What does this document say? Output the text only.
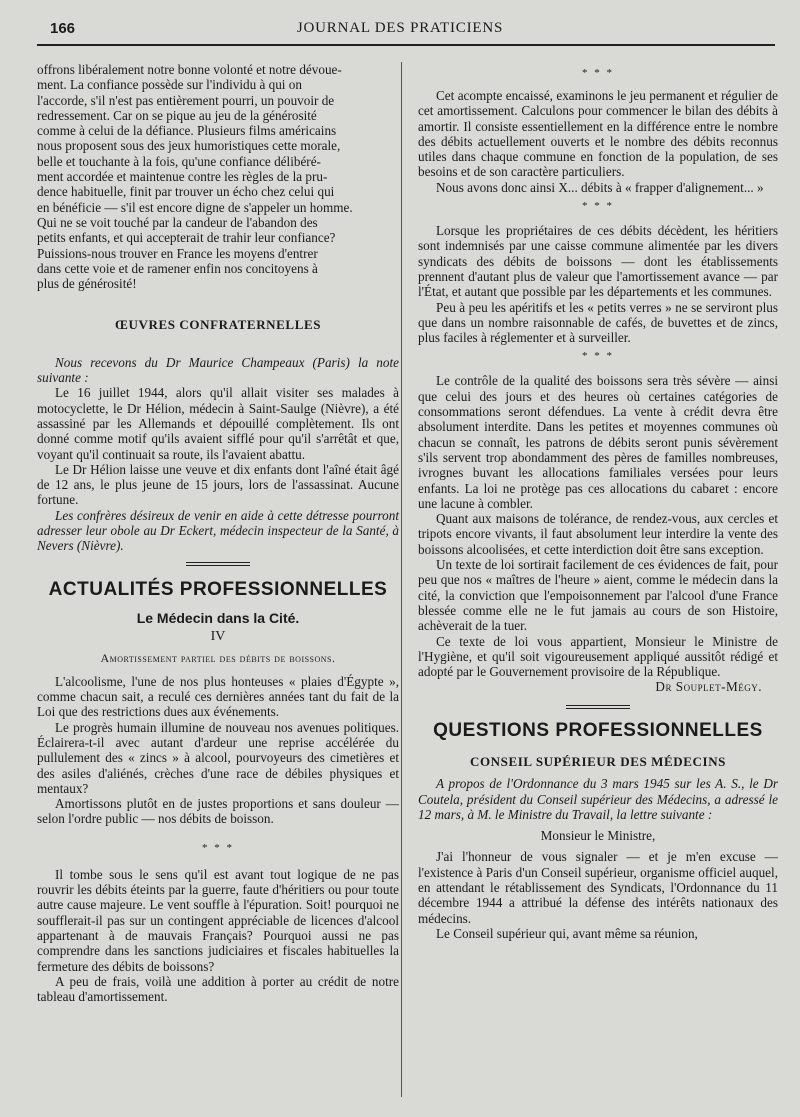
166	JOURNAL DES PRATICIENS
offrons libéralement notre bonne volonté et notre dévoue-
ment. La confiance possède sur l'individu à qui on
l'accorde, s'il n'est pas entièrement pourri, un pouvoir de
redressement. Car on se pique au jeu de la générosité
comme à celui de la défiance. Plusieurs films américains
nous proposent sous des jeux humoristiques cette morale,
belle et touchante à la fois, qu'une confiance délibéré-
ment accordée et maintenue contre les règles de la pru-
dence habituelle, finit par trouver un écho chez celui qui
en bénéficie — s'il est encore digne de s'appeler un homme.
Qui ne se voit touché par la candeur de l'abandon des
petits enfants, et qui accepterait de trahir leur confiance?
Puissions-nous trouver en France les moyens d'entrer
dans cette voie et de ramener enfin nos concitoyens à
plus de générosité!
ŒUVRES CONFRATERNELLES

Nous recevons du Dr Maurice Champeaux (Paris) la note suivante :

Le 16 juillet 1944, alors qu'il allait visiter ses malades à motocyclette, le Dr Hélion, médecin à Saint-Saulge (Nièvre), a été assassiné par les Allemands et dépouillé complètement. Ils ont donné comme motif qu'ils avaient sifflé pour qu'il s'arrêtât et que, voyant qu'il continuait sa route, ils l'avaient abattu.

Le Dr Hélion laisse une veuve et dix enfants dont l'aîné était âgé de 12 ans, le plus jeune de 15 jours, lors de l'assassinat. Aucune fortune.

Les confrères désireux de venir en aide à cette détresse pourront adresser leur obole au Dr Eckert, médecin inspecteur de la Santé, à Nevers (Nièvre).

ACTUALITÉS PROFESSIONNELLES
Le Médecin dans la Cité.
IV
Amortissement partiel des débits de boissons.

L'alcoolisme, l'une de nos plus honteuses « plaies d'Égypte », comme chacun sait, a reculé ces dernières années tant du fait de la Loi que des restrictions dues aux événements.

Le progrès humain illumine de nouveau nos avenues politiques. Éclairera-t-il avec autant d'ardeur une reprise accélérée du pullulement des « zincs » à alcool, pourvoyeurs des cimetières et des asiles d'aliénés, crèches d'une race de débiles physiques et mentaux?

Amortissons plutôt en de justes proportions et sans douleur — selon l'ordre public — nos débits de boisson.

* * *

Il tombe sous le sens qu'il est avant tout logique de ne pas rouvrir les débits éteints par la guerre, faute d'héritiers ou pour toute autre cause majeure. Le vent souffle à l'épuration. Soit! pourquoi ne soufflerait-il pas sur un contingent appréciable de licences d'alcool appartenant à de mauvais Français? Pourquoi aussi ne pas comprendre dans les sanctions judiciaires et fiscales habituelles la fermeture des débits de boissons?

A peu de frais, voilà une addition à porter au crédit de notre tableau d'amortissement.

* * *

Cet acompte encaissé, examinons le jeu permanent et régulier de cet amortissement. Calculons pour commencer le bilan des débits à amortir. Il consiste essentiellement en la différence entre le nombre des débits actuellement ouverts et le nombre des débits reconnus utiles dans chaque commune en fonction de la population, de ses besoins et de son caractère particuliers.

Nous avons donc ainsi X... débits à « frapper d'alignement... »

* * *

Lorsque les propriétaires de ces débits décèdent, les héritiers sont indemnisés par une caisse commune alimentée par les divers syndicats des débits de boissons — dont les établissements prennent d'autant plus de valeur que l'amortissement avance — par l'État, et autant que possible par les départements et les communes.

Peu à peu les apéritifs et les « petits verres » ne se serviront plus que dans un nombre raisonnable de cafés, de buvettes et de zincs, plus faciles à réglementer et à surveiller.

* * *

Le contrôle de la qualité des boissons sera très sévère — ainsi que celui des jours et des heures où certaines catégories de consommations seront défendues. La vente à crédit devra être absolument interdite. Dans les petites et moyennes communes où chacun se connaît, les patrons de débits seront punis sévèrement s'ils servent trop abondamment des pères de familles nombreuses, ivrognes buvant les allocations familiales versées pour leurs enfants. La loi ne protège pas ces allocations du cabaret : encore une lacune à combler.

Quant aux maisons de tolérance, de rendez-vous, aux cercles et tripots encore vivants, il faut absolument leur interdire la vente des boissons alcoolisées, et cette interdiction doit être sans exception.

Un texte de loi sortirait facilement de ces évidences de fait, pour peu que nos « maîtres de l'heure » aient, comme le médecin dans la cité, la conviction que l'empoisonnement par l'alcool d'une France blessée comme elle ne le fut jamais au cours de son Histoire, achèverait de la tuer.

Ce texte de loi vous appartient, Monsieur le Ministre de l'Hygiène, et qu'il soit vigoureusement appliqué aussitôt rédigé et adopté par le Gouvernement provisoire de la République.

Dr Souplet-Mégy.

QUESTIONS PROFESSIONNELLES
CONSEIL SUPÉRIEUR DES MÉDECINS

A propos de l'Ordonnance du 3 mars 1945 sur les A. S., le Dr Coutela, président du Conseil supérieur des Médecins, a adressé le 12 mars, à M. le Ministre du Travail, la lettre suivante :

Monsieur le Ministre,

J'ai l'honneur de vous signaler — et je m'en excuse — l'existence à Paris d'un Conseil supérieur, organisme officiel auquel, en attendant le rétablissement des Syndicats, l'Ordonnance du 11 décembre 1944 a attribué la défense des intérêts nationaux des médecins.

Le Conseil supérieur qui, avant même sa réunion,
